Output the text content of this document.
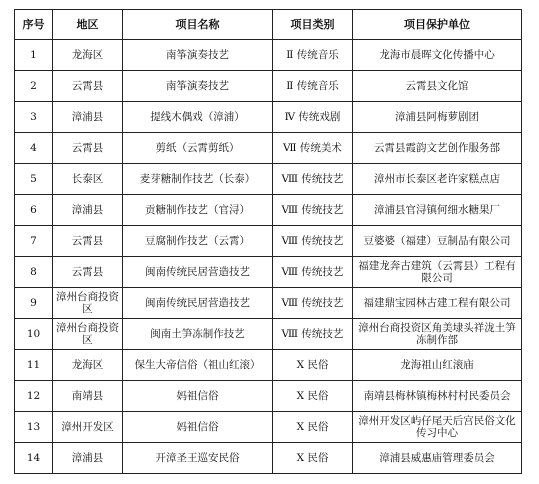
序号	地区	项目名称	项目类别	项目保护单位
1	龙海区	南筝演奏技艺	Ⅱ 传统音乐	龙海市晨晖文化传播中心
2	云霄县	南筝演奏技艺	Ⅱ 传统音乐	云霄县文化馆
3	漳浦县	提线木偶戏（漳浦）	Ⅳ 传统戏剧	漳浦县阿梅萝剧团
4	云霄县	剪纸（云霄剪纸）	Ⅶ 传统美术	云霄县霞韵文艺创作服务部
5	长泰区	麦芽糖制作技艺（长泰）	Ⅷ 传统技艺	漳州市长泰区老许家糕点店
6	漳浦县	贡糖制作技艺（官浔）	Ⅷ 传统技艺	漳浦县官浔镇何细水糖果厂
7	云霄县	豆腐制作技艺（云霄）	Ⅷ 传统技艺	豆婆婆（福建）豆制品有限公司
8	云霄县	闽南传统民居营造技艺	Ⅷ 传统技艺	福建龙奔古建筑（云霄县）工程有限公司
9	漳州台商投资区	闽南传统民居营造技艺	Ⅷ 传统技艺	福建鼎宝园林古建工程有限公司
10	漳州台商投资区	闽南土笋冻制作技艺	Ⅷ 传统技艺	漳州台商投资区角美埭头祥泷土笋冻制作部
11	龙海区	保生大帝信俗（祖山红滚）	Ⅹ 民俗	龙海祖山红滚庙
12	南靖县	妈祖信俗	Ⅹ 民俗	南靖县梅林镇梅林村村民委员会
13	漳州开发区	妈祖信俗	Ⅹ 民俗	漳州开发区屿仔尾天后宫民俗文化传习中心
14	漳浦县	开漳圣王巡安民俗	Ⅹ 民俗	漳浦县威惠庙管理委员会
